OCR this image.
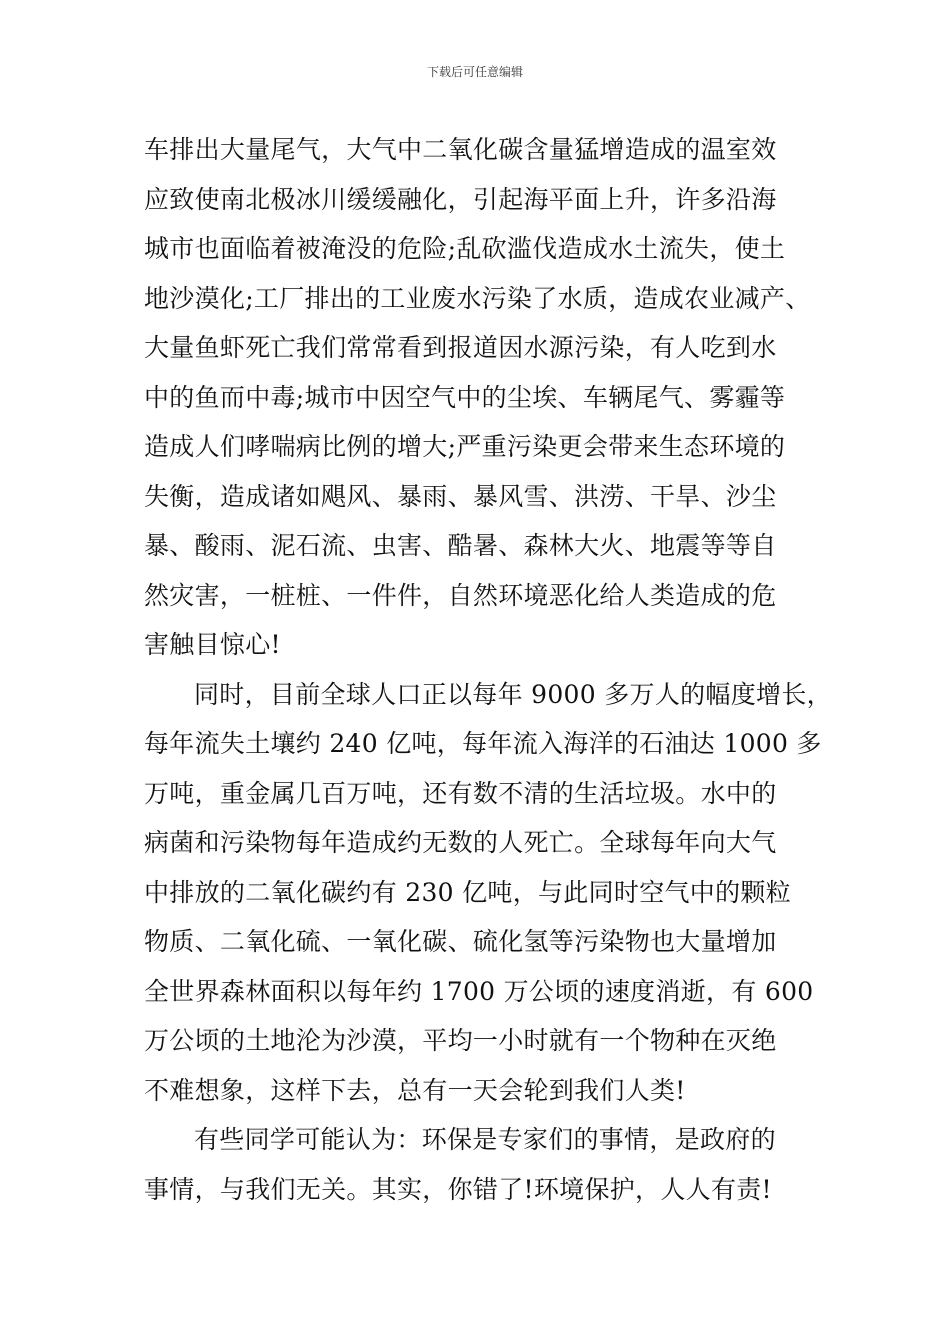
下载后可任意编辑
车排出大量尾气，大气中二氧化碳含量猛增造成的温室效
应致使南北极冰川缓缓融化，引起海平面上升，许多沿海
城市也面临着被淹没的危险;乱砍滥伐造成水土流失，使土
地沙漠化;工厂排出的工业废水污染了水质，造成农业减产、
大量鱼虾死亡我们常常看到报道因水源污染，有人吃到水
中的鱼而中毒;城市中因空气中的尘埃、车辆尾气、雾霾等
造成人们哮喘病比例的增大;严重污染更会带来生态环境的
失衡，造成诸如飓风、暴雨、暴风雪、洪涝、干旱、沙尘
暴、酸雨、泥石流、虫害、酷暑、森林大火、地震等等自
然灾害，一桩桩、一件件，自然环境恶化给人类造成的危
害触目惊心!
同时，目前全球人口正以每年 9000 多万人的幅度增长，
每年流失土壤约 240 亿吨，每年流入海洋的石油达 1000 多
万吨，重金属几百万吨，还有数不清的生活垃圾。水中的
病菌和污染物每年造成约无数的人死亡。全球每年向大气
中排放的二氧化碳约有 230 亿吨，与此同时空气中的颗粒
物质、二氧化硫、一氧化碳、硫化氢等污染物也大量增加
全世界森林面积以每年约 1700 万公顷的速度消逝，有 600
万公顷的土地沦为沙漠，平均一小时就有一个物种在灭绝
不难想象，这样下去，总有一天会轮到我们人类!
有些同学可能认为：环保是专家们的事情，是政府的
事情，与我们无关。其实，你错了!环境保护，人人有责!
